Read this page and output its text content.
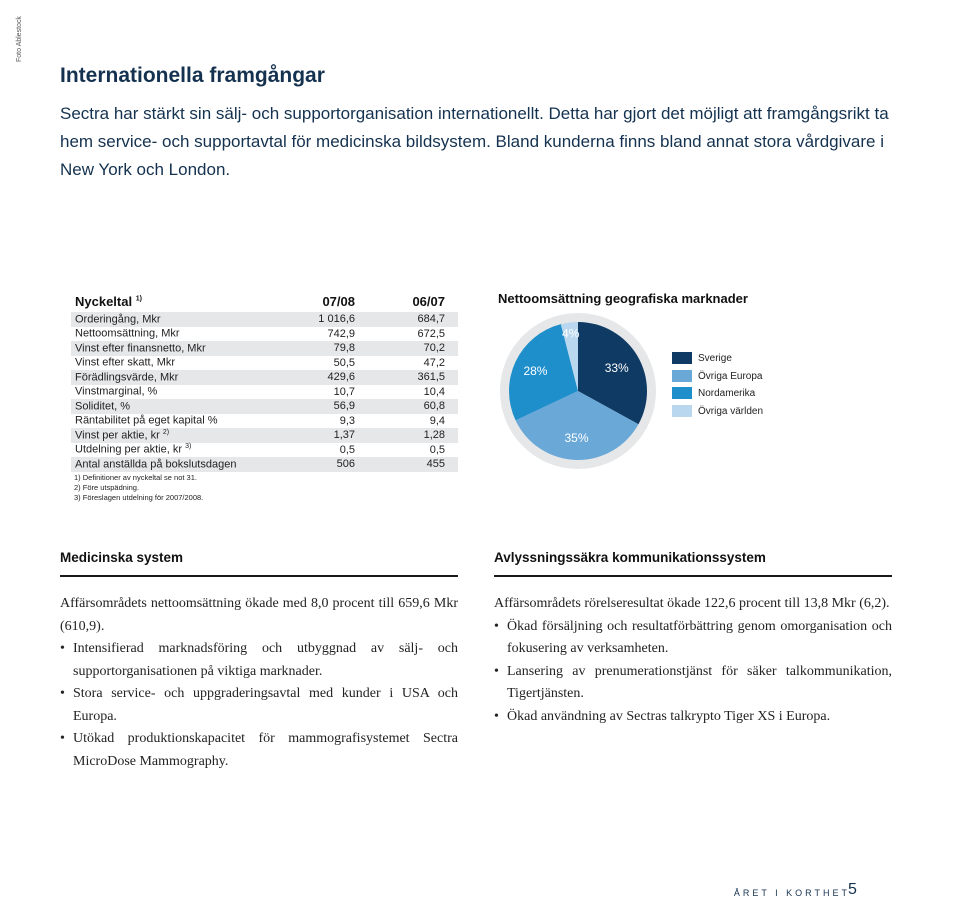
Foto Ablestock
Internationella framgångar
Sectra har stärkt sin sälj- och supportorganisation internationellt. Detta har gjort det möjligt att framgångsrikt ta hem service- och supportavtal för medicinska bildsystem. Bland kunderna finns bland annat stora vårdgivare i New York och London.
Nyckeltal $^{1)}$	07/08	06/07
Orderingång, Mkr	1 016,6	684,7
Nettoomsättning, Mkr	742,9	672,5
Vinst efter finansnetto, Mkr	79,8	70,2
Vinst efter skatt, Mkr	50,5	47,2
Förädlingsvärde, Mkr	429,6	361,5
Vinstmarginal, %	10,7	10,4
Soliditet, %	56,9	60,8
Räntabilitet på eget kapital %	9,3	9,4
Vinst per aktie, kr $^{2)}$	1,37	1,28
Utdelning per aktie, kr $^{3)}$	0,5	0,5
Antal anställda på bokslutsdagen	506	455
1) Definitioner av nyckeltal se not 31.
2) Före utspädning.
3) Föreslagen utdelning för 2007/2008.
Nettoomsättning geografiska marknader
33%
35%
28%
4%
Sverige
Övriga Europa
Nordamerika
Övriga världen
Medicinska system	Avlyssningssäkra kommunikationssystem
Affärsområdets nettoomsättning ökade med 8,0 procent till 659,6 Mkr (610,9).
• Intensifierad marknadsföring och utbyggnad av sälj- och supportorganisationen på viktiga marknader.
• Stora service- och uppgraderingsavtal med kunder i USA och Europa.
• Utökad produktionskapacitet för mammografisystemet Sectra MicroDose Mammography.
Affärsområdets rörelseresultat ökade 122,6 procent till 13,8 Mkr (6,2).
• Ökad försäljning och resultatförbättring genom omorganisation och fokusering av verksamheten.
• Lansering av prenumerationstjänst för säker talkommunikation, Tigertjänsten.
• Ökad användning av Sectras talkrypto Tiger XS i Europa.
ÅRET I KORTHET
5
